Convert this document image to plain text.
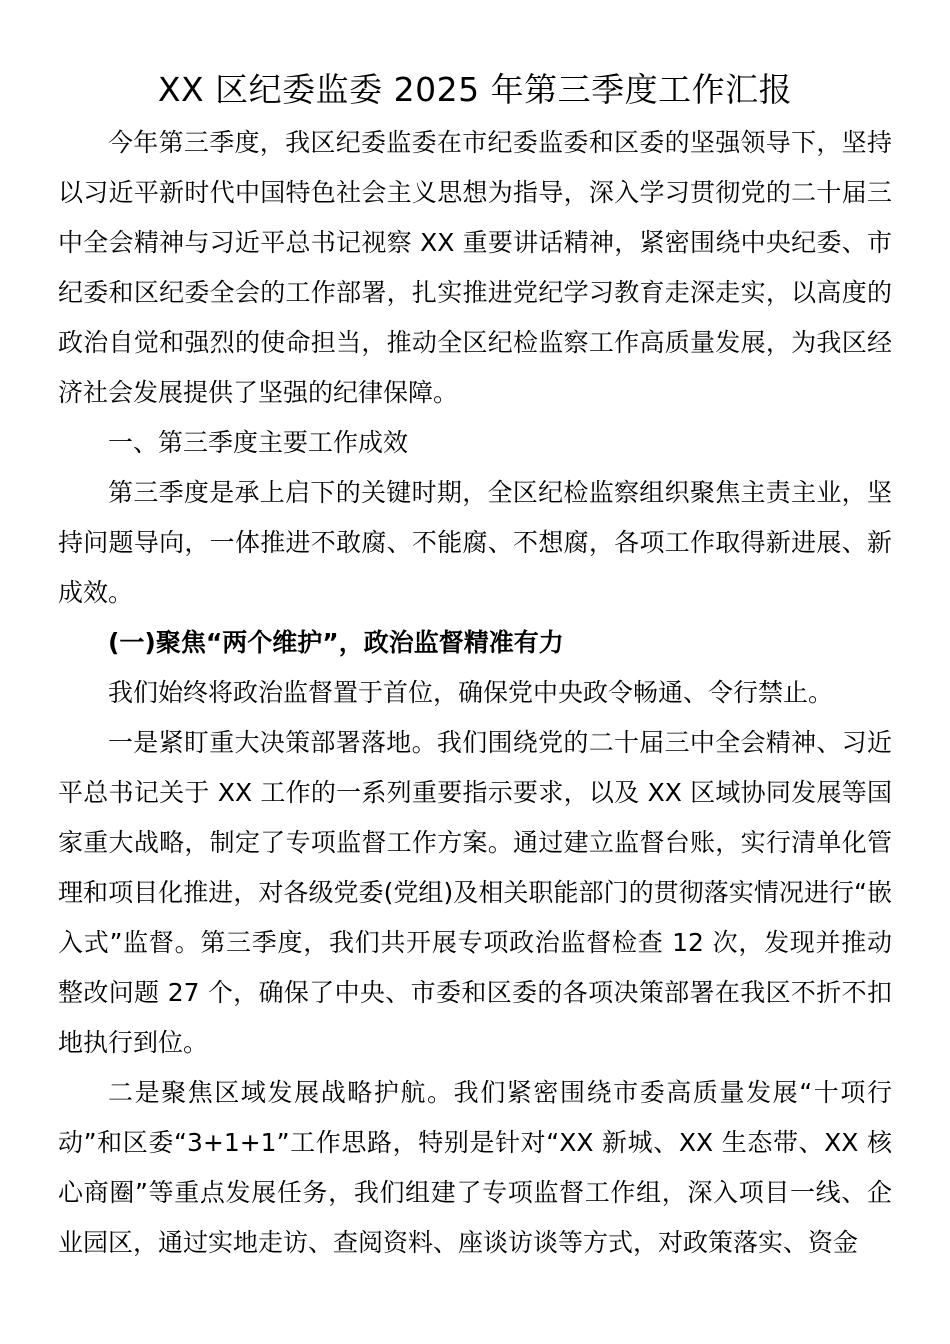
XX 区纪委监委 2025 年第三季度工作汇报

今年第三季度，我区纪委监委在市纪委监委和区委的坚强领导下，坚持以习近平新时代中国特色社会主义思想为指导，深入学习贯彻党的二十届三中全会精神与习近平总书记视察 XX 重要讲话精神，紧密围绕中央纪委、市纪委和区纪委全会的工作部署，扎实推进党纪学习教育走深走实，以高度的政治自觉和强烈的使命担当，推动全区纪检监察工作高质量发展，为我区经济社会发展提供了坚强的纪律保障。

一、第三季度主要工作成效

第三季度是承上启下的关键时期，全区纪检监察组织聚焦主责主业，坚持问题导向，一体推进不敢腐、不能腐、不想腐，各项工作取得新进展、新成效。

(一)聚焦“两个维护”，政治监督精准有力

我们始终将政治监督置于首位，确保党中央政令畅通、令行禁止。

一是紧盯重大决策部署落地。我们围绕党的二十届三中全会精神、习近平总书记关于 XX 工作的一系列重要指示要求，以及 XX 区域协同发展等国家重大战略，制定了专项监督工作方案。通过建立监督台账，实行清单化管理和项目化推进，对各级党委(党组)及相关职能部门的贯彻落实情况进行“嵌入式”监督。第三季度，我们共开展专项政治监督检查 12 次，发现并推动整改问题 27 个，确保了中央、市委和区委的各项决策部署在我区不折不扣地执行到位。

二是聚焦区域发展战略护航。我们紧密围绕市委高质量发展“十项行动”和区委“3+1+1”工作思路，特别是针对“XX 新城、XX 生态带、XX 核心商圈”等重点发展任务，我们组建了专项监督工作组，深入项目一线、企业园区，通过实地走访、查阅资料、座谈访谈等方式，对政策落实、资金
